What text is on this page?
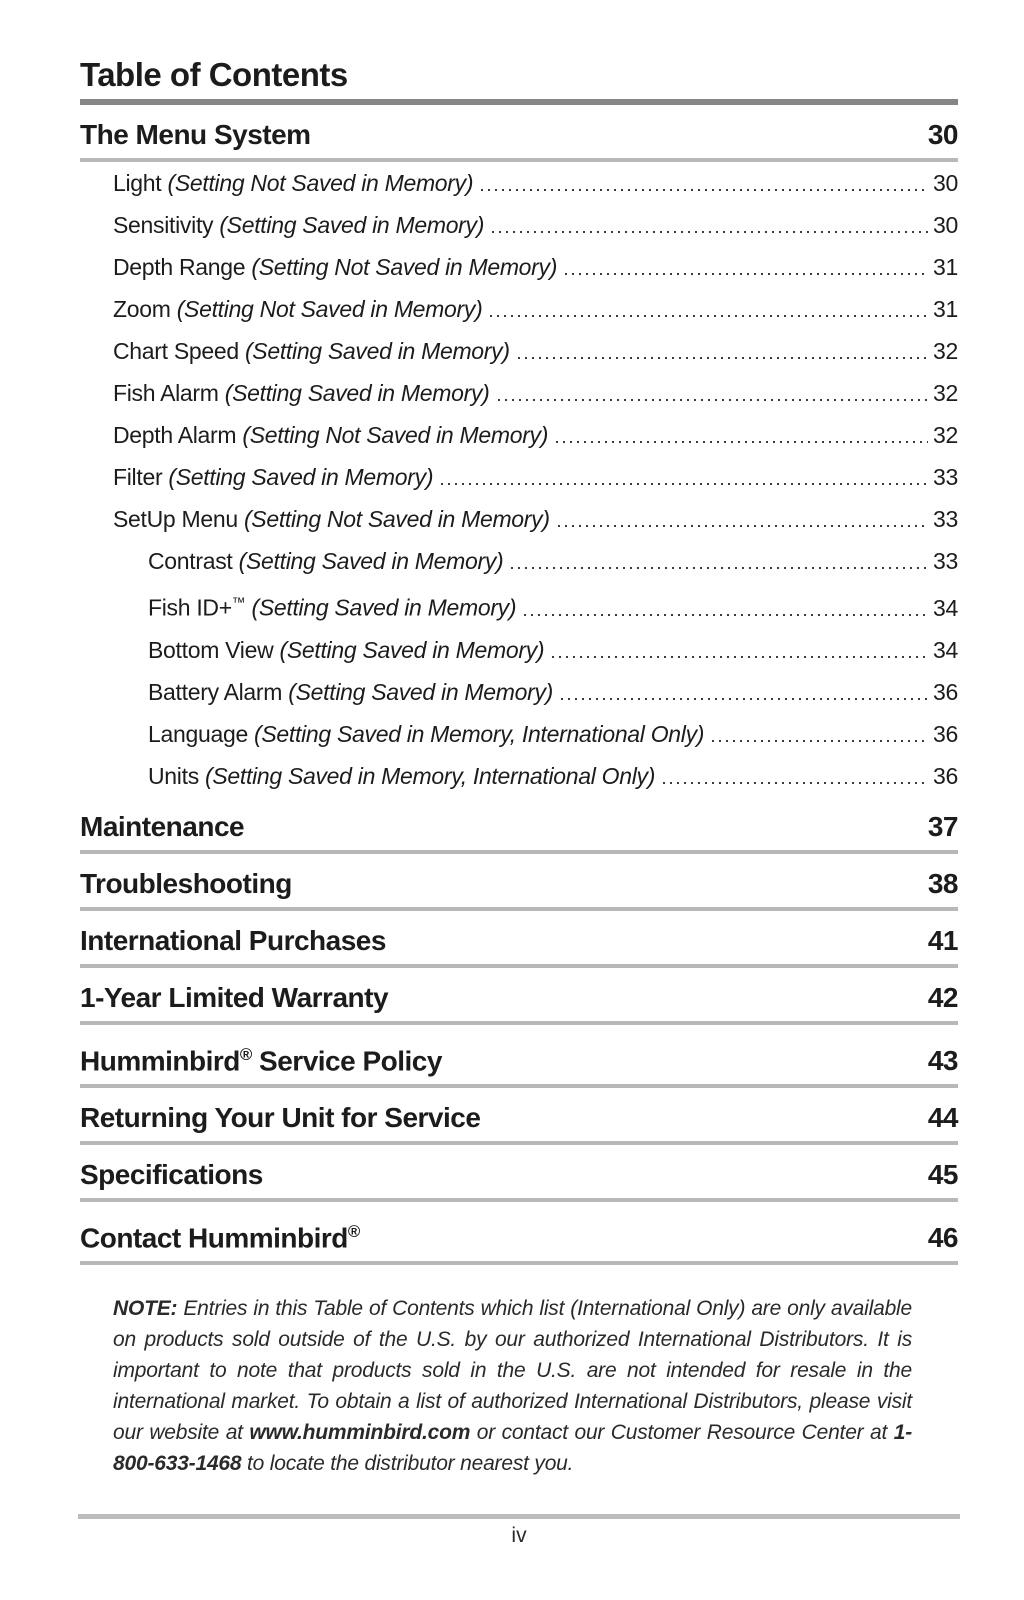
Table of Contents
The Menu System	30
Light (Setting Not Saved in Memory)	30
Sensitivity (Setting Saved in Memory)	30
Depth Range (Setting Not Saved in Memory)	31
Zoom (Setting Not Saved in Memory)	31
Chart Speed (Setting Saved in Memory)	32
Fish Alarm (Setting Saved in Memory)	32
Depth Alarm (Setting Not Saved in Memory)	32
Filter (Setting Saved in Memory)	33
SetUp Menu (Setting Not Saved in Memory)	33
Contrast (Setting Saved in Memory)	33
Fish ID+™ (Setting Saved in Memory)	34
Bottom View (Setting Saved in Memory)	34
Battery Alarm (Setting Saved in Memory)	36
Language (Setting Saved in Memory, International Only)	36
Units (Setting Saved in Memory, International Only)	36
Maintenance	37
Troubleshooting	38
International Purchases	41
1-Year Limited Warranty	42
Humminbird® Service Policy	43
Returning Your Unit for Service	44
Specifications	45
Contact Humminbird®	46
NOTE: Entries in this Table of Contents which list (International Only) are only available on products sold outside of the U.S. by our authorized International Distributors. It is important to note that products sold in the U.S. are not intended for resale in the international market. To obtain a list of authorized International Distributors, please visit our website at www.humminbird.com or contact our Customer Resource Center at 1-800-633-1468 to locate the distributor nearest you.
iv
